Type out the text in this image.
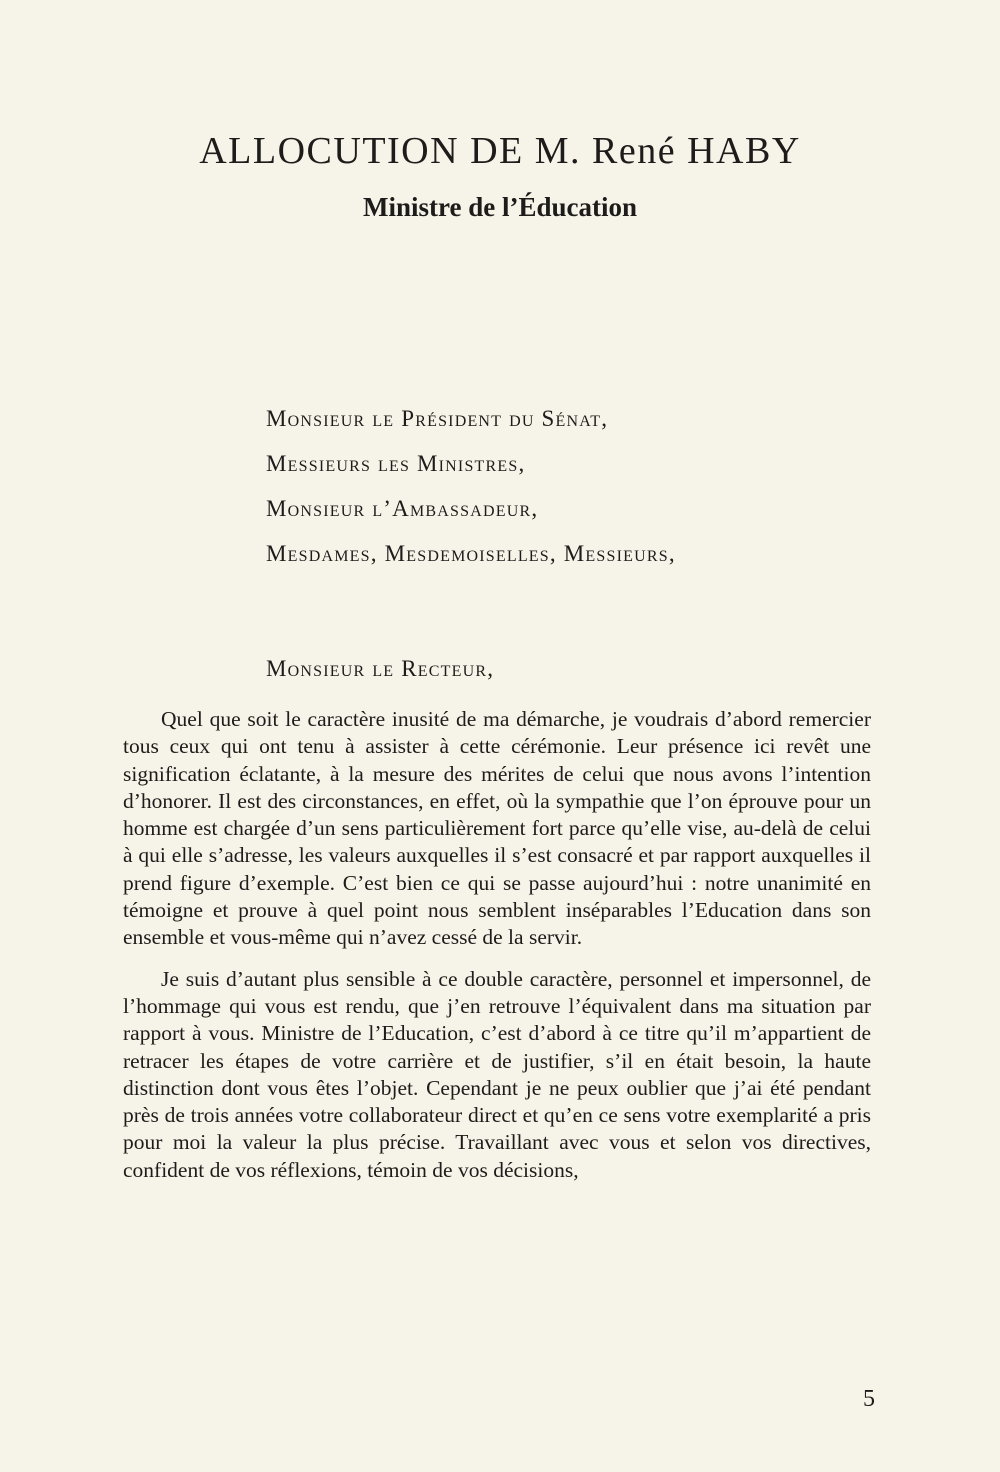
ALLOCUTION DE M. René HABY
Ministre de l’Éducation
Monsieur le Président du Sénat,
Messieurs les Ministres,
Monsieur l’Ambassadeur,
Mesdames, Mesdemoiselles, Messieurs,

Monsieur le Recteur,

Quel que soit le caractère inusité de ma démarche, je voudrais d’abord remercier tous ceux qui ont tenu à assister à cette cérémonie. Leur présence ici revêt une signification éclatante, à la mesure des mérites de celui que nous avons l’intention d’honorer. Il est des circonstances, en effet, où la sympathie que l’on éprouve pour un homme est chargée d’un sens particulièrement fort parce qu’elle vise, au-delà de celui à qui elle s’adresse, les valeurs auxquelles il s’est consacré et par rapport auxquelles il prend figure d’exemple. C’est bien ce qui se passe aujourd’hui : notre unanimité en témoigne et prouve à quel point nous semblent inséparables l’Education dans son ensemble et vous-même qui n’avez cessé de la servir.

Je suis d’autant plus sensible à ce double caractère, personnel et impersonnel, de l’hommage qui vous est rendu, que j’en retrouve l’équivalent dans ma situation par rapport à vous. Ministre de l’Education, c’est d’abord à ce titre qu’il m’appartient de retracer les étapes de votre carrière et de justifier, s’il en était besoin, la haute distinction dont vous êtes l’objet. Cependant je ne peux oublier que j’ai été pendant près de trois années votre collaborateur direct et qu’en ce sens votre exemplarité a pris pour moi la valeur la plus précise. Travaillant avec vous et selon vos directives, confident de vos réflexions, témoin de vos décisions,

5
